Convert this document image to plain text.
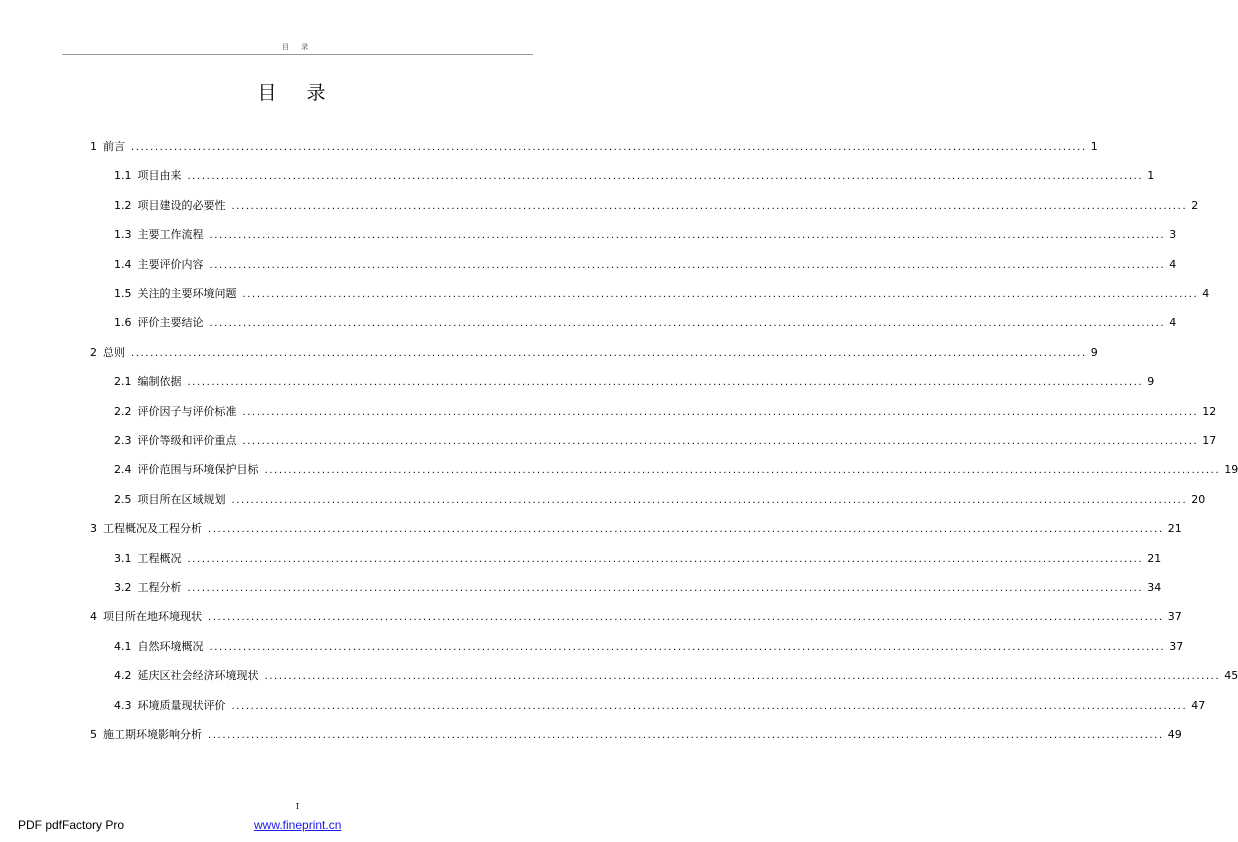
目 录
目 录
1 前言 ........................................................................................................................................................................................................ 1
1.1 项目由来 ........................................................................................................................................................................................................ 1
1.2 项目建设的必要性 ........................................................................................................................................................................................................ 2
1.3 主要工作流程 ........................................................................................................................................................................................................ 3
1.4 主要评价内容 ........................................................................................................................................................................................................ 4
1.5 关注的主要环境问题 ........................................................................................................................................................................................................ 4
1.6 评价主要结论 ........................................................................................................................................................................................................ 4
2 总则 ........................................................................................................................................................................................................ 9
2.1 编制依据 ........................................................................................................................................................................................................ 9
2.2 评价因子与评价标准 ........................................................................................................................................................................................................ 12
2.3 评价等级和评价重点 ........................................................................................................................................................................................................ 17
2.4 评价范围与环境保护目标 ........................................................................................................................................................................................................ 19
2.5 项目所在区域规划 ........................................................................................................................................................................................................ 20
3 工程概况及工程分析 ........................................................................................................................................................................................................ 21
3.1 工程概况 ........................................................................................................................................................................................................ 21
3.2 工程分析 ........................................................................................................................................................................................................ 34
4 项目所在地环境现状 ........................................................................................................................................................................................................ 37
4.1 自然环境概况 ........................................................................................................................................................................................................ 37
4.2 延庆区社会经济环境现状 ........................................................................................................................................................................................................ 45
4.3 环境质量现状评价 ........................................................................................................................................................................................................ 47
5 施工期环境影响分析 ........................................................................................................................................................................................................ 49
I
PDF pdfFactory Pro	www.fineprint.cn
